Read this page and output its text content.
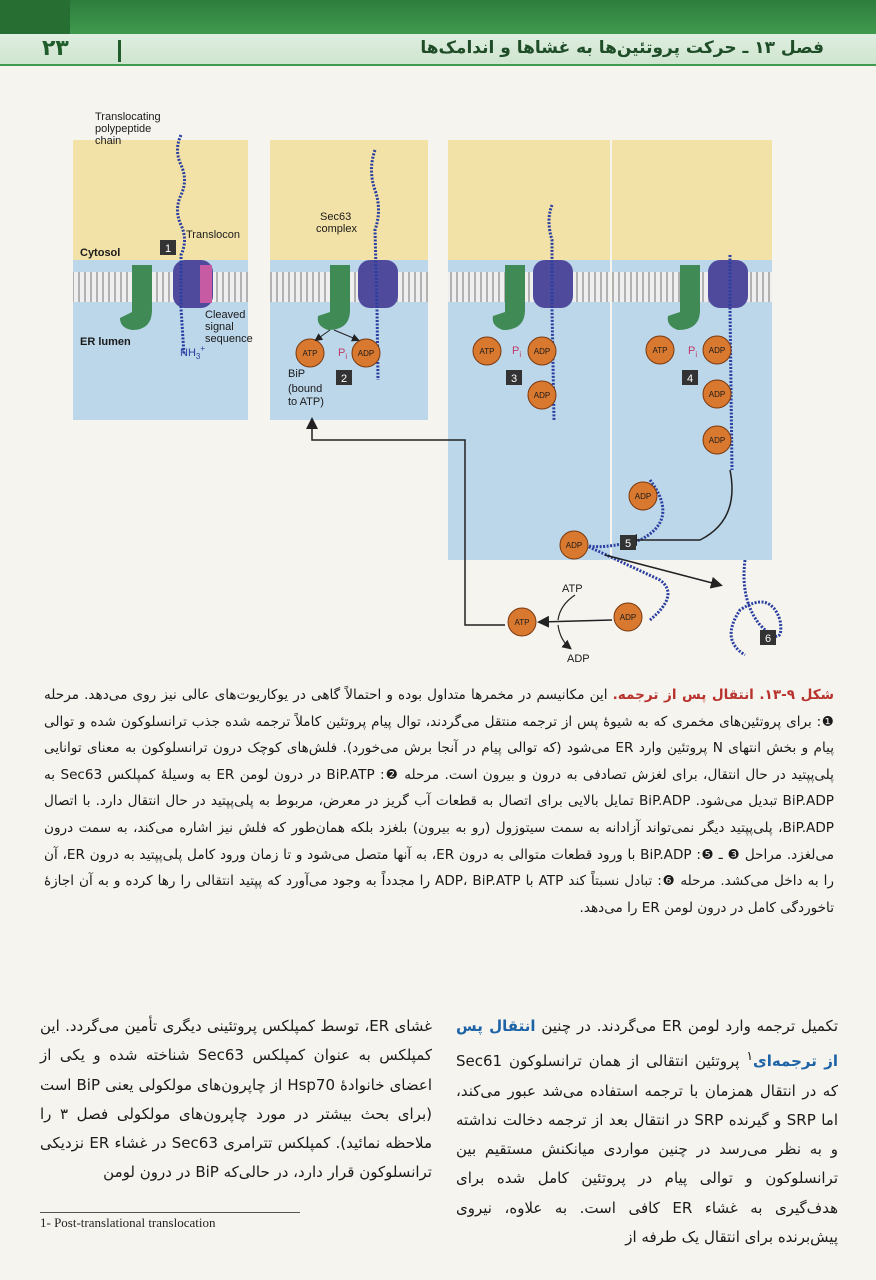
۲۳	فصل ۱۳ ـ حرکت پروتئین‌ها به غشاها و اندامک‌ها
1
2	3	4
5
6
Translocating
polypeptide
chain
Translocon
Cytosol
ER lumen
Cleaved
signal
sequence
$NH_3^+$
Sec63
complex
BiP
(bound
to ATP)
ATP	ADP
$P_i$
ATP	ADP
ADP
$P_i$	ATP	ADP
ADP
ADP
$P_i$
ADP
ADP
ADP
ATP
ATP
ADP
شکل ۹-۱۳. انتقال پس از ترجمه. این مکانیسم در مخمرها متداول بوده و احتمالاً گاهی در یوکاریوت‌های عالی نیز روی می‌دهد. مرحله ❶: برای پروتئین‌های مخمری که به شیوهٔ پس از ترجمه منتقل می‌گردند، توال پیام پروتئین کاملاً ترجمه شده جذب ترانسلوکون شده و توالی پیام و بخش انتهای N پروتئین وارد ER می‌شود (که توالی پیام در آنجا برش می‌خورد). فلش‌های کوچک درون ترانسلوکون به معنای توانایی پلی‌پپتید در حال انتقال، برای لغزش تصادفی به درون و بیرون است. مرحله ❷: BiP.ATP در درون لومن ER به وسیلهٔ کمپلکس Sec63 به BiP.ADP تبدیل می‌شود. BiP.ADP تمایل بالایی برای اتصال به قطعات آب گریز در معرض، مربوط به پلی‌پپتید در حال انتقال دارد. با اتصال BiP.ADP، پلی‌پپتید دیگر نمی‌تواند آزادانه به سمت سیتوزول (رو به بیرون) بلغزد بلکه همان‌طور که فلش نیز اشاره می‌کند، به سمت درون می‌لغزد. مراحل ❸ ـ ❺: BiP.ADP با ورود قطعات متوالی به درون ER، به آنها متصل می‌شود و تا زمان ورود کامل پلی‌پپتید به درون ER، آن را به داخل می‌کشد. مرحله ❻: تبادل نسبتاً کند ATP با ADP، BiP.ATP را مجدداً به وجود می‌آورد که پپتید انتقالی را رها کرده و به آن اجازهٔ تاخوردگی کامل در درون لومن ER را می‌دهد.
تکمیل ترجمه وارد لومن ER می‌گردند. در چنین انتقال پس از ترجمه‌ای$^۱$ پروتئین انتقالی از همان ترانسلوکون Sec61 که در انتقال همزمان با ترجمه استفاده می‌شد عبور می‌کند، اما SRP و گیرنده SRP در انتقال بعد از ترجمه دخالت نداشته و به نظر می‌رسد در چنین مواردی میانکنش مستقیم بین ترانسلوکون و توالی پیام در پروتئین کامل شده برای هدف‌گیری به غشاء ER کافی است. به علاوه، نیروی پیش‌برنده برای انتقال یک طرفه از
غشای ER، توسط کمپلکس پروتئینی دیگری تأمین می‌گردد. این کمپلکس به عنوان کمپلکس Sec63 شناخته شده و یکی از اعضای خانوادهٔ Hsp70 از چاپرون‌های مولکولی یعنی BiP است (برای بحث بیشتر در مورد چاپرون‌های مولکولی فصل ۳ را ملاحظه نمائید). کمپلکس تترامری Sec63 در غشاء ER نزدیکی ترانسلوکون قرار دارد، در حالی‌که BiP در درون لومن
1- Post-translational translocation
